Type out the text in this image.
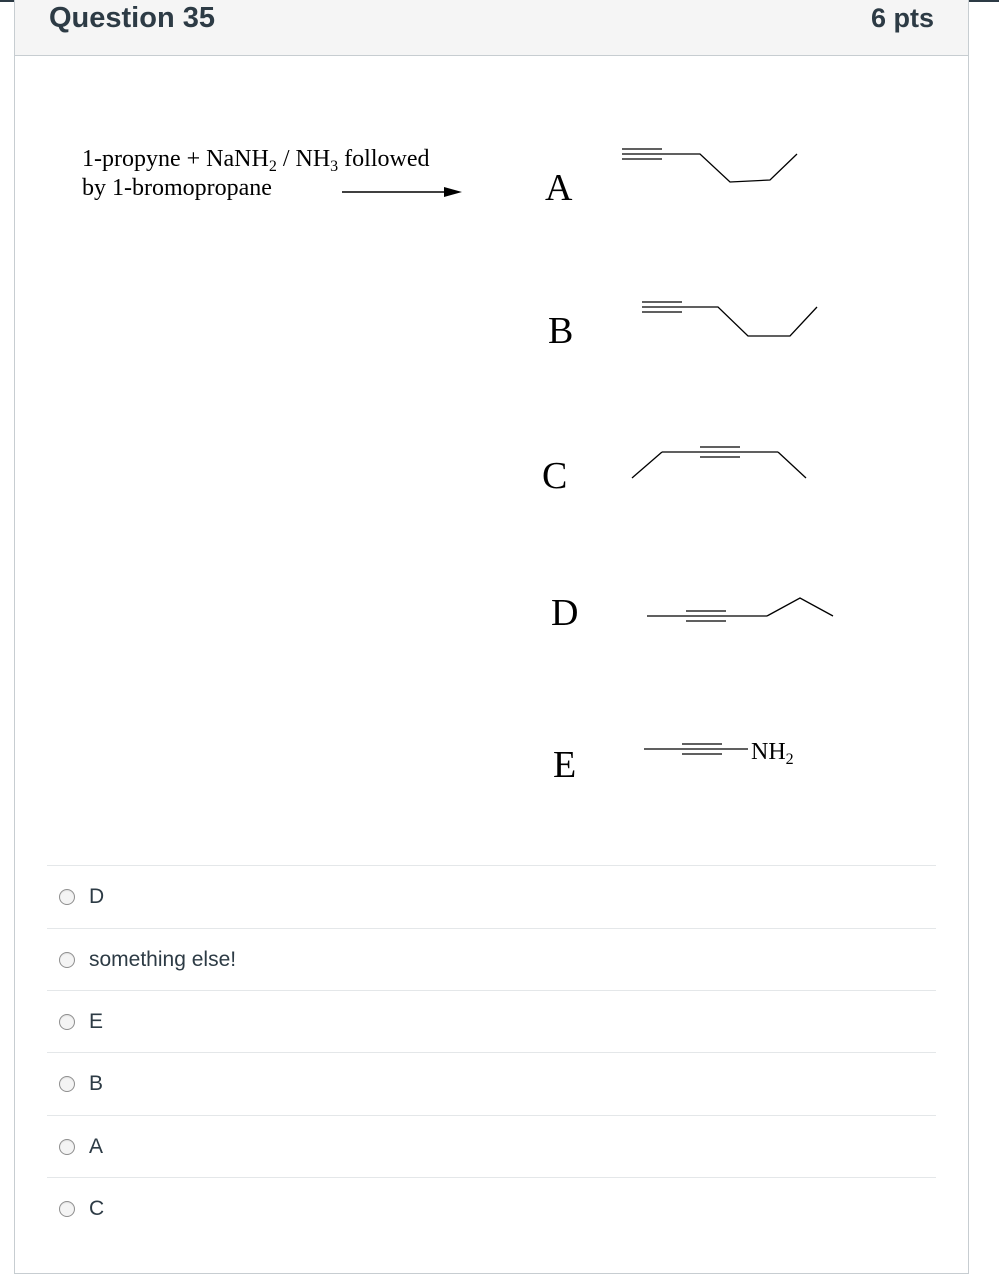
Question 35	6 pts
1-propyne + NaNH$_2$ / $NH_3$ followed
by 1-bromopropane	A
B
C
D
E	$NH_2$
D
something else!
E
B
A
C
